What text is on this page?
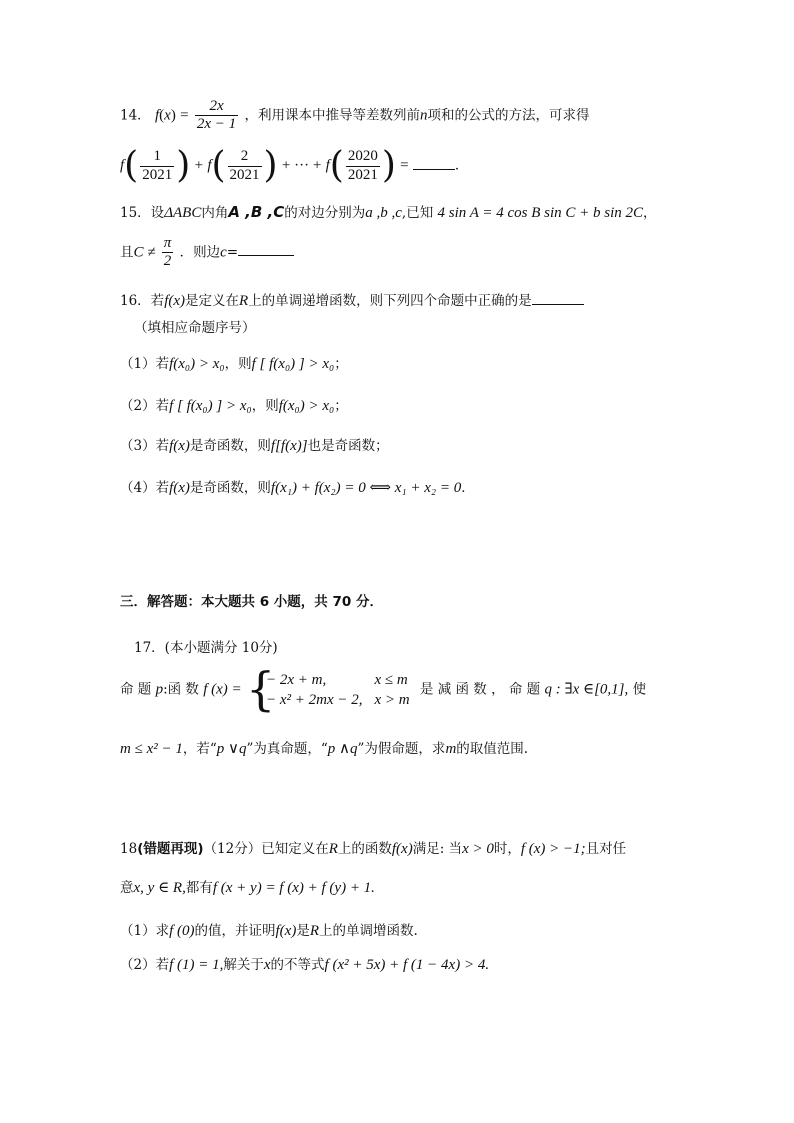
14． $f(x) = \frac{2x}{2x - 1}$ ，利用课本中推导等差数列前n项和的公式的方法，可求得
$f( \frac{1}{2021}$ ) + $f( \frac{2}{2021}$ ) + ··· + $f( \frac{2020}{2021}$ ) =	．
15．设ΔABC内角A ,B ,C的对边分别为a ,b ,c,已知 4 sin A = 4 cos B sin C + b sin 2C，
且$C \ne \frac{\pi}{2}$ ．则边c=
16．若f(x)是定义在R上的单调递增函数，则下列四个命题中正确的是
（填相应命题序号）
（1）若f(x₀) > x₀，则f [ f(x₀) ] > x₀；
（2）若f [ f(x₀) ] > x₀，则f(x₀) > x₀；
（3）若f(x)是奇函数，则f[f(x)]也是奇函数；
（4）若f(x)是奇函数，则f(x₁) + f(x₂) = 0 ⟺ x₁ + x₂ = 0．
三．解答题：本大题共 6 小题，共 70 分．
17．(本小题满分 10分)
命 题 p:函 数 f (x) = {
− 2x + m,	x ≤ m
− x² + 2mx − 2,	x > m
是 减 函 数 ， 命 题 q : ∃x ∈[0,1], 使
m ≤ x² − 1，若“p ∨q”为真命题，“p ∧q”为假命题，求m的取值范围.
18(错题再现)（12分）已知定义在R上的函数f(x)满足: 当x > 0时，f (x) > −1;且对任
意x, y ∈ R,都有f (x + y) = f (x) + f (y) + 1.
（1）求f (0)的值，并证明f(x)是R上的单调增函数.
（2）若f (1) = 1,解关于x的不等式f (x² + 5x) + f (1 − 4x) > 4.
